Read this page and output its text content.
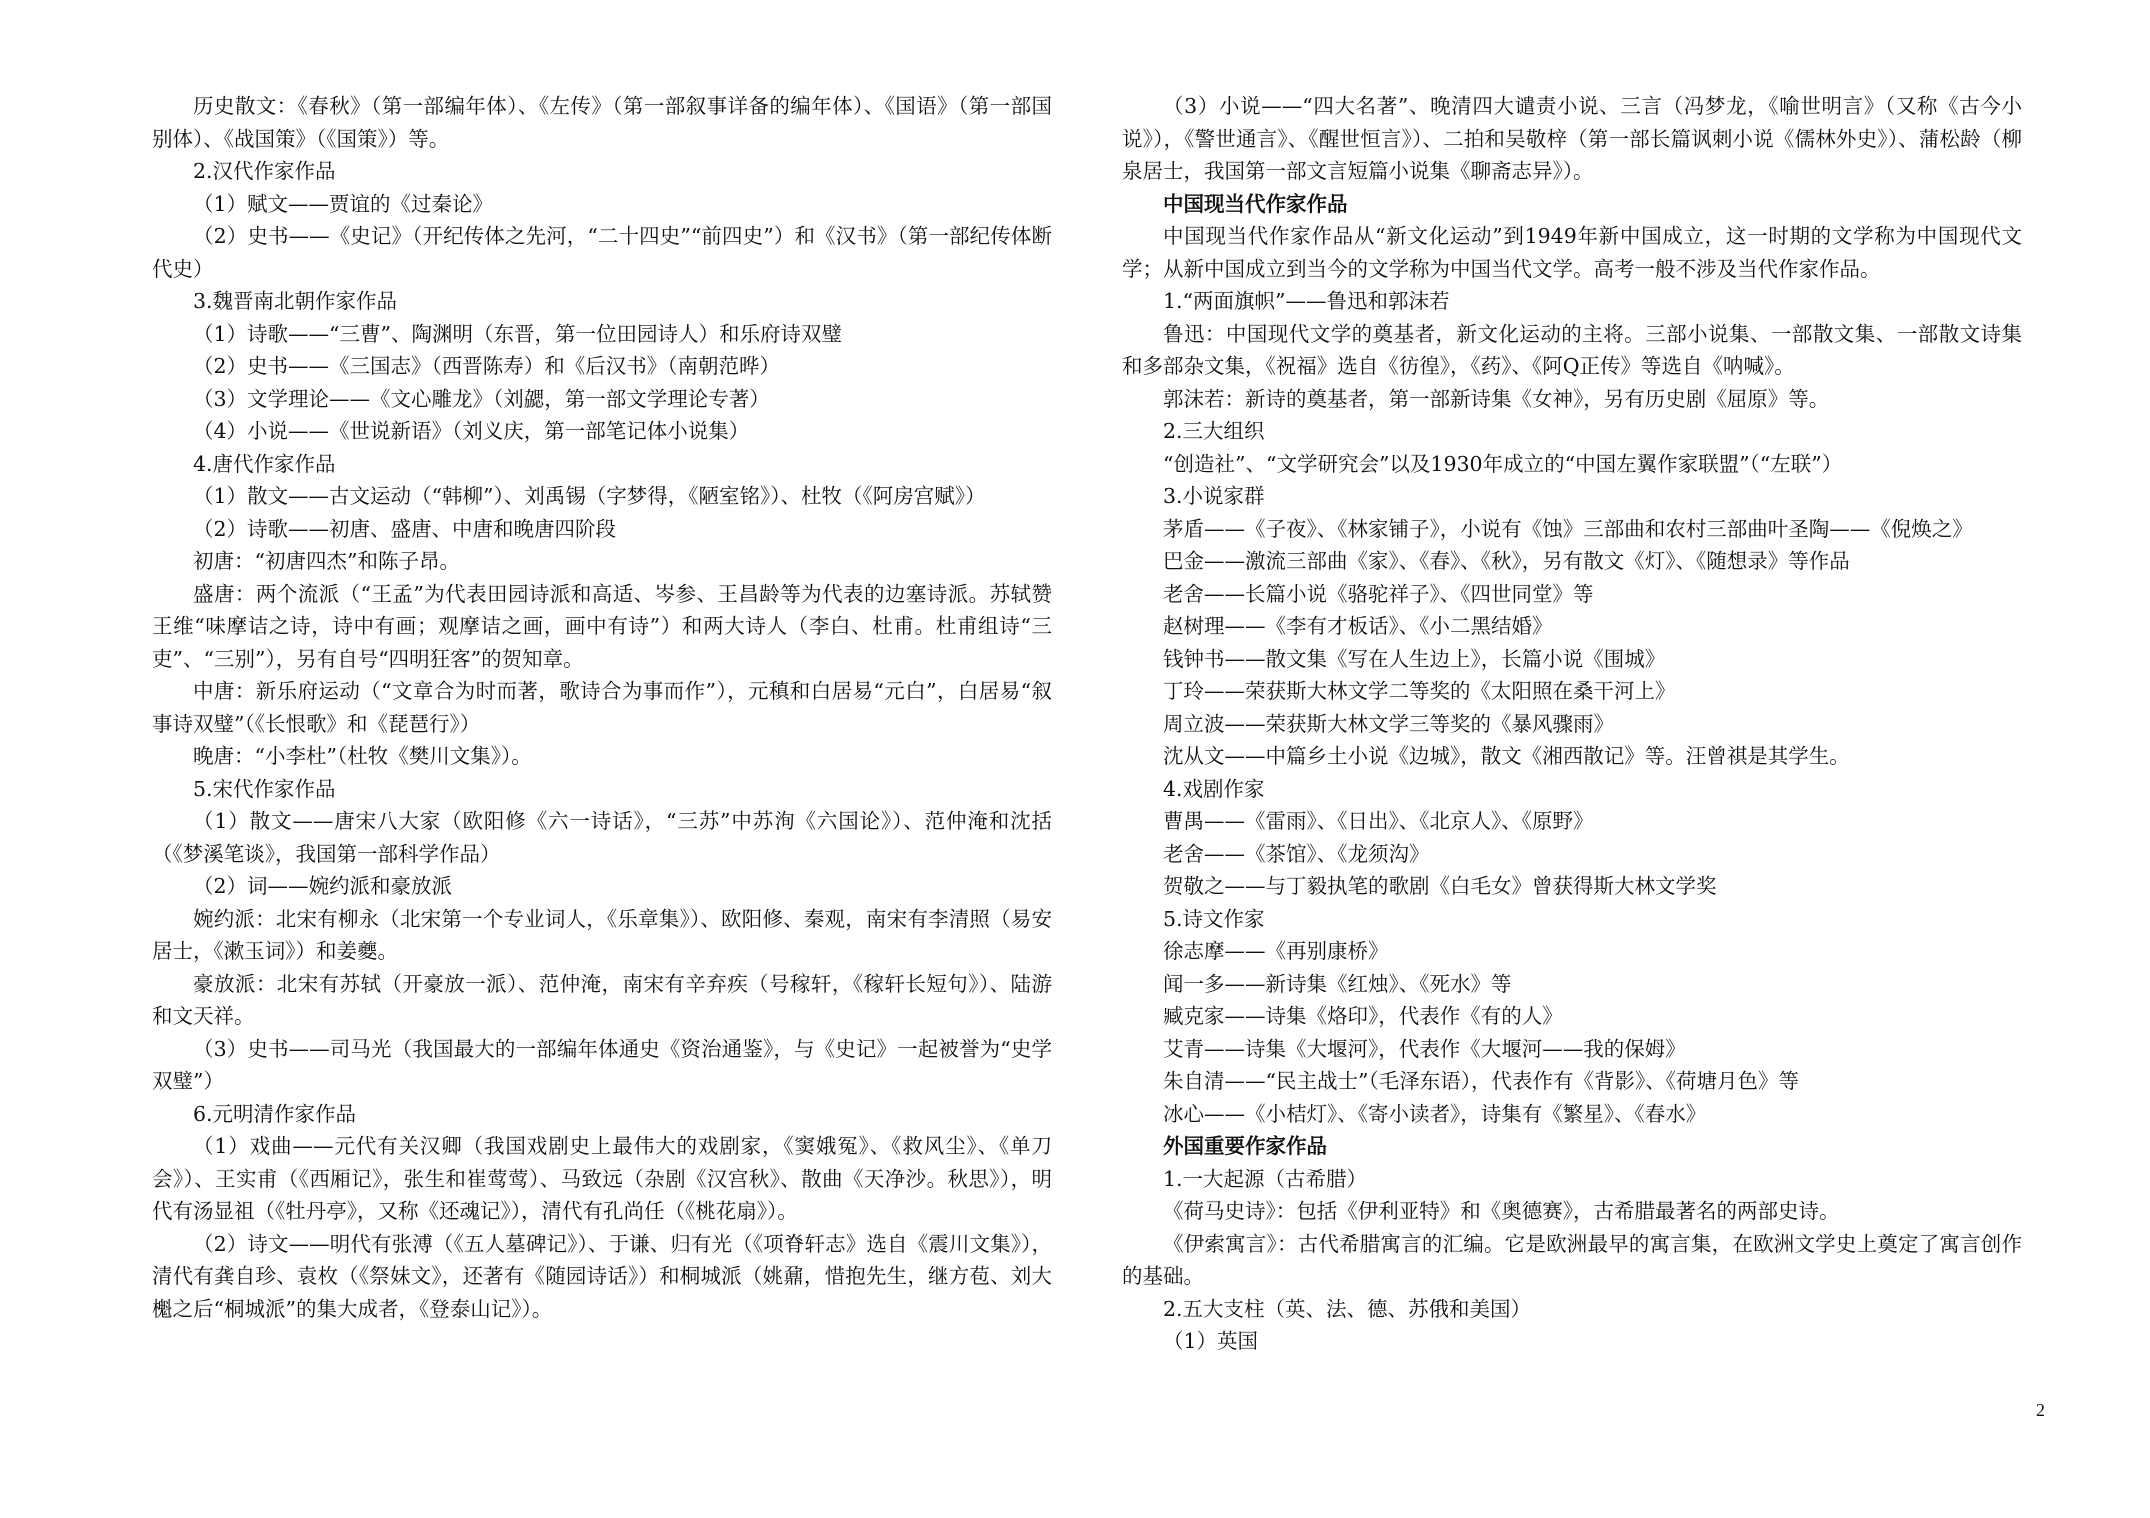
历史散文：《春秋》（第一部编年体）、《左传》（第一部叙事详备的编年体）、《国语》（第一部国别体）、《战国策》（《国策》）等。

2.汉代作家作品

（1）赋文——贾谊的《过秦论》

（2）史书——《史记》（开纪传体之先河，“二十四史”“前四史”）和《汉书》（第一部纪传体断代史）

3.魏晋南北朝作家作品

（1）诗歌——“三曹”、陶渊明（东晋，第一位田园诗人）和乐府诗双璧

（2）史书——《三国志》（西晋陈寿）和《后汉书》（南朝范晔）

（3）文学理论——《文心雕龙》（刘勰，第一部文学理论专著）

（4）小说——《世说新语》（刘义庆，第一部笔记体小说集）

4.唐代作家作品

（1）散文——古文运动（“韩柳”）、刘禹锡（字梦得，《陋室铭》）、杜牧（《阿房宫赋》）

（2）诗歌——初唐、盛唐、中唐和晚唐四阶段

初唐：“初唐四杰”和陈子昂。

盛唐：两个流派（“王孟”为代表田园诗派和高适、岑参、王昌龄等为代表的边塞诗派。苏轼赞王维“味摩诘之诗，诗中有画；观摩诘之画，画中有诗”）和两大诗人（李白、杜甫。杜甫组诗“三吏”、“三别”），另有自号“四明狂客”的贺知章。

中唐：新乐府运动（“文章合为时而著，歌诗合为事而作”），元稹和白居易“元白”，白居易“叙事诗双璧”（《长恨歌》和《琵琶行》）

晚唐：“小李杜”（杜牧《樊川文集》）。

5.宋代作家作品

（1）散文——唐宋八大家（欧阳修《六一诗话》，“三苏”中苏洵《六国论》）、范仲淹和沈括（《梦溪笔谈》，我国第一部科学作品）

（2）词——婉约派和豪放派

婉约派：北宋有柳永（北宋第一个专业词人，《乐章集》）、欧阳修、秦观，南宋有李清照（易安居士，《漱玉词》）和姜夔。

豪放派：北宋有苏轼（开豪放一派）、范仲淹，南宋有辛弃疾（号稼轩，《稼轩长短句》）、陆游和文天祥。

（3）史书——司马光（我国最大的一部编年体通史《资治通鉴》，与《史记》一起被誉为“史学双璧”）

6.元明清作家作品

（1）戏曲——元代有关汉卿（我国戏剧史上最伟大的戏剧家，《窦娥冤》、《救风尘》、《单刀会》）、王实甫（《西厢记》，张生和崔莺莺）、马致远（杂剧《汉宫秋》、散曲《天净沙。秋思》），明代有汤显祖（《牡丹亭》，又称《还魂记》），清代有孔尚任（《桃花扇》）。

（2）诗文——明代有张溥（《五人墓碑记》）、于谦、归有光（《项脊轩志》选自《震川文集》），清代有龚自珍、袁枚（《祭妹文》，还著有《随园诗话》）和桐城派（姚鼐，惜抱先生，继方苞、刘大櫆之后“桐城派”的集大成者，《登泰山记》）。

（3）小说——“四大名著”、晚清四大谴责小说、三言（冯梦龙，《喻世明言》（又称《古今小说》），《警世通言》、《醒世恒言》）、二拍和吴敬梓（第一部长篇讽刺小说《儒林外史》）、蒲松龄（柳泉居士，我国第一部文言短篇小说集《聊斋志异》）。

中国现当代作家作品

中国现当代作家作品从“新文化运动”到1949年新中国成立，这一时期的文学称为中国现代文学；从新中国成立到当今的文学称为中国当代文学。高考一般不涉及当代作家作品。

1.“两面旗帜”——鲁迅和郭沫若

鲁迅：中国现代文学的奠基者，新文化运动的主将。三部小说集、一部散文集、一部散文诗集和多部杂文集，《祝福》选自《彷徨》，《药》、《阿Q正传》等选自《呐喊》。

郭沫若：新诗的奠基者，第一部新诗集《女神》，另有历史剧《屈原》等。

2.三大组织

“创造社”、“文学研究会”以及1930年成立的“中国左翼作家联盟”（“左联”）

3.小说家群

茅盾——《子夜》、《林家铺子》，小说有《蚀》三部曲和农村三部曲叶圣陶——《倪焕之》

巴金——激流三部曲《家》、《春》、《秋》，另有散文《灯》、《随想录》等作品

老舍——长篇小说《骆驼祥子》、《四世同堂》等

赵树理——《李有才板话》、《小二黑结婚》

钱钟书——散文集《写在人生边上》，长篇小说《围城》

丁玲——荣获斯大林文学二等奖的《太阳照在桑干河上》

周立波——荣获斯大林文学三等奖的《暴风骤雨》

沈从文——中篇乡土小说《边城》，散文《湘西散记》等。汪曾祺是其学生。

4.戏剧作家

曹禺——《雷雨》、《日出》、《北京人》、《原野》

老舍——《茶馆》、《龙须沟》

贺敬之——与丁毅执笔的歌剧《白毛女》曾获得斯大林文学奖

5.诗文作家

徐志摩——《再别康桥》

闻一多——新诗集《红烛》、《死水》等

臧克家——诗集《烙印》，代表作《有的人》

艾青——诗集《大堰河》，代表作《大堰河——我的保姆》

朱自清——“民主战士”（毛泽东语），代表作有《背影》、《荷塘月色》等

冰心——《小桔灯》、《寄小读者》，诗集有《繁星》、《春水》

外国重要作家作品

1.一大起源（古希腊）

《荷马史诗》：包括《伊利亚特》和《奥德赛》，古希腊最著名的两部史诗。

《伊索寓言》：古代希腊寓言的汇编。它是欧洲最早的寓言集，在欧洲文学史上奠定了寓言创作的基础。

2.五大支柱（英、法、德、苏俄和美国）

（1）英国

2
